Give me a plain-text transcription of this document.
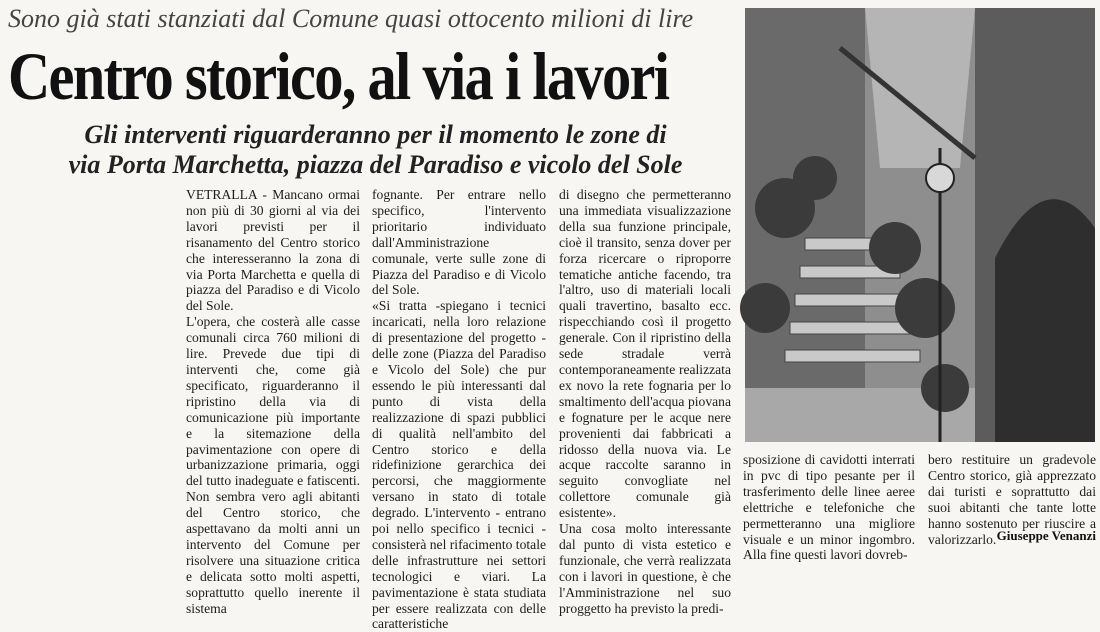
Sono già stati stanziati dal Comune quasi ottocento milioni di lire
Centro storico, al via i lavori
Gli interventi riguarderanno per il momento le zone di
via Porta Marchetta, piazza del Paradiso e vicolo del Sole

VETRALLA - Mancano ormai non più di 30 giorni al via dei lavori previsti per il risanamento del Centro storico che interesseranno la zona di via Porta Marchetta e quella di piazza del Paradiso e di Vicolo del Sole.

L'opera, che costerà alle casse comunali circa 760 milioni di lire. Prevede due tipi di interventi che, come già specificato, riguarderanno il ripristino della via di comunicazione più importante e la sitemazione della pavimentazione con opere di urbanizzazione primaria, oggi del tutto inadeguate e fatiscenti. Non sembra vero agli abitanti del Centro storico, che aspettavano da molti anni un intervento del Comune per risolvere una situazione critica e delicata sotto molti aspetti, soprattutto quello inerente il sistema

fognante. Per entrare nello specifico, l'intervento prioritario individuato dall'Amministrazione comunale, verte sulle zone di Piazza del Paradiso e di Vicolo del Sole.

«Si tratta -spiegano i tecnici incaricati, nella loro relazione di presentazione del progetto - delle zone (Piazza del Paradiso e Vicolo del Sole) che pur essendo le più interessanti dal punto di vista della realizzazione di spazi pubblici di qualità nell'ambito del Centro storico e della ridefinizione gerarchica dei percorsi, che maggiormente versano in stato di totale degrado. L'intervento - entrano poi nello specifico i tecnici - consisterà nel rifacimento totale delle infrastrutture nei settori tecnologici e viari. La pavimentazione è stata studiata per essere realizzata con delle caratteristiche

di disegno che permetteranno una immediata visualizzazione della sua funzione principale, cioè il transito, senza dover per forza ricercare o riproporre tematiche antiche facendo, tra l'altro, uso di materiali locali quali travertino, basalto ecc. rispecchiando così il progetto generale. Con il ripristino della sede stradale verrà contemporaneamente realizzata ex novo la rete fognaria per lo smaltimento dell'acqua piovana e fognature per le acque nere provenienti dai fabbricati a ridosso della nuova via. Le acque raccolte saranno in seguito convogliate nel collettore comunale già esistente».

Una cosa molto interessante dal punto di vista estetico e funzionale, che verrà realizzata con i lavori in questione, è che l'Amministrazione nel suo proggetto ha previsto la predi-

sposizione di cavidotti interrati in pvc di tipo pesante per il trasferimento delle linee aeree elettriche e telefoniche che permetteranno una migliore visuale e un minor ingombro. Alla fine questi lavori dovreb-

bero restituire un gradevole Centro storico, già apprezzato dai turisti e soprattutto dai suoi abitanti che tante lotte hanno sostenuto per riuscire a valorizzarlo. Giuseppe Venanzi
